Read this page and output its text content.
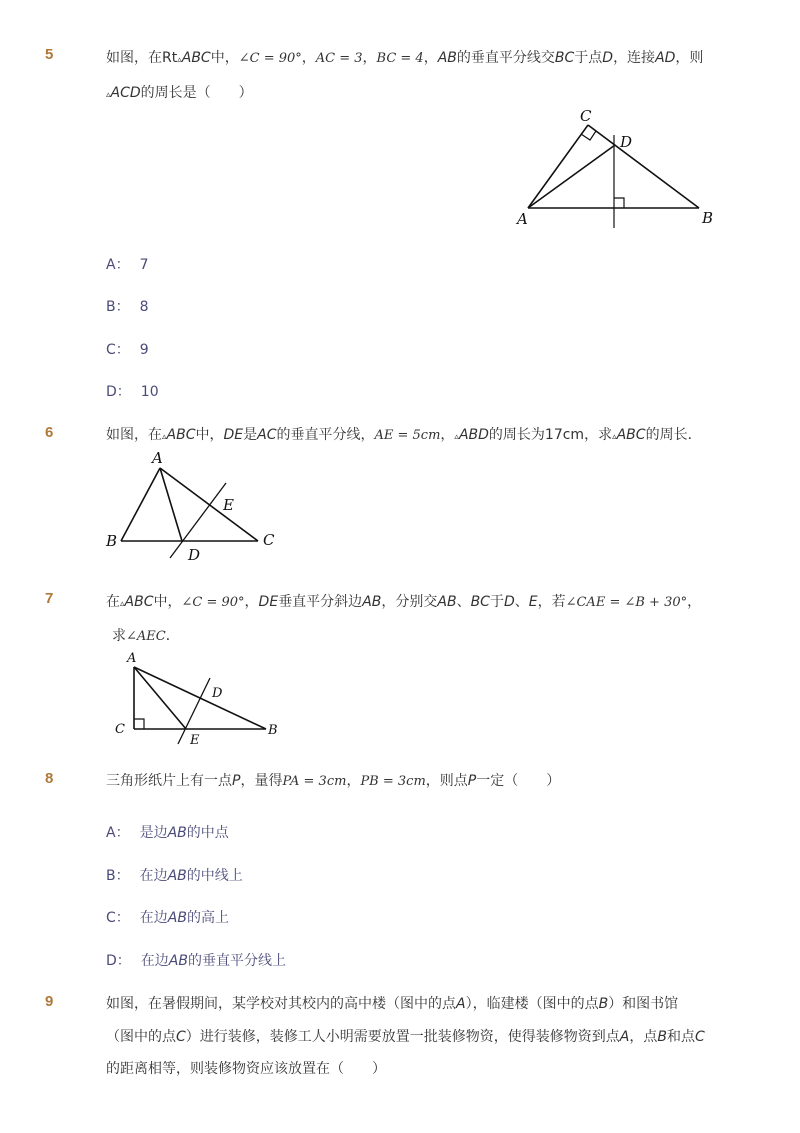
5	如图，在Rt▵ABC中，∠C = 90°，AC = 3，BC = 4，AB的垂直平分线交BC于点D，连接AD，则
▵ACD的周长是（　　）
C
D
A	B
A： 7
B： 8
C： 9
D： 10
6	如图，在▵ABC中，DE是AC的垂直平分线，AE = 5cm，▵ABD的周长为17cm，求▵ABC的周长．
A
B	C
D
E
7	在▵ABC中，∠C = 90°，DE垂直平分斜边AB，分别交AB、BC于D、E，若∠CAE = ∠B + 30°，
求∠AEC．
A
C	B
D
E
8	三角形纸片上有一点P，量得PA = 3cm，PB = 3cm，则点P一定（　　）
A： 是边AB的中点
B： 在边AB的中线上
C： 在边AB的高上
D： 在边AB的垂直平分线上
9	如图，在暑假期间，某学校对其校内的高中楼（图中的点A），临建楼（图中的点B）和图书馆
（图中的点C）进行装修，装修工人小明需要放置一批装修物资，使得装修物资到点A，点B和点C
的距离相等，则装修物资应该放置在（　　）
